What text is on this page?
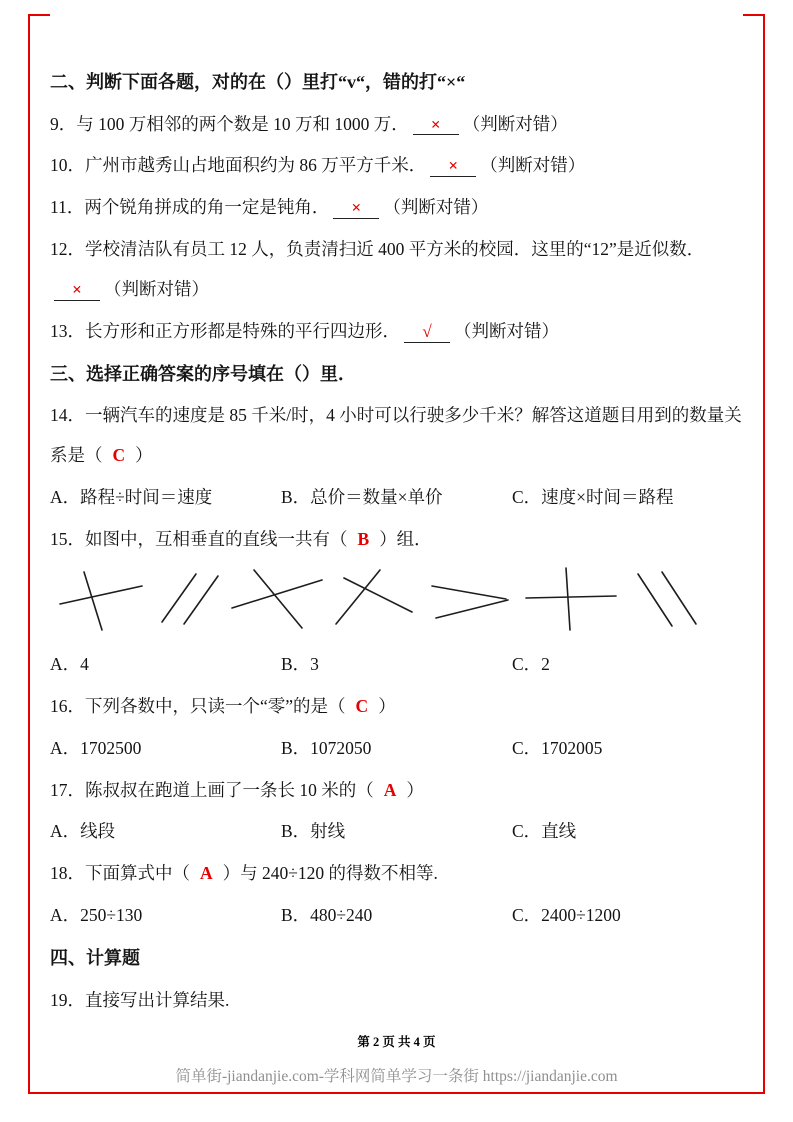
二、判断下面各题，对的在（）里打“v“，错的打“×“

9．与 100 万相邻的两个数是 10 万和 1000 万． × （判断对错）

10．广州市越秀山占地面积约为 86 万平方千米． × （判断对错）

11．两个锐角拼成的角一定是钝角． × （判断对错）

12．学校清洁队有员工 12 人，负责清扫近 400 平方米的校园．这里的“12”是近似数．× （判断对错）

13．长方形和正方形都是特殊的平行四边形． √ （判断对错）

三、选择正确答案的序号填在（）里．

14．一辆汽车的速度是 85 千米/时，4 小时可以行驶多少千米？解答这道题目用到的数量关系是（ C ）

A．路程÷时间＝速度	B．总价＝数量×单价	C．速度×时间＝路程

15．如图中，互相垂直的直线一共有（ B ）组．

A．4	B．3	C．2

16．下列各数中，只读一个“零”的是（ C ）

A．1702500	B．1072050	C．1702005

17．陈叔叔在跑道上画了一条长 10 米的（ A ）

A．线段	B．射线	C．直线

18．下面算式中（ A ）与 240÷120 的得数不相等.

A．250÷130	B．480÷240	C．2400÷1200

四、计算题

19．直接写出计算结果.

第 2 页 共 4 页
简单街-jiandanjie.com-学科网简单学习一条街 https://jiandanjie.com
